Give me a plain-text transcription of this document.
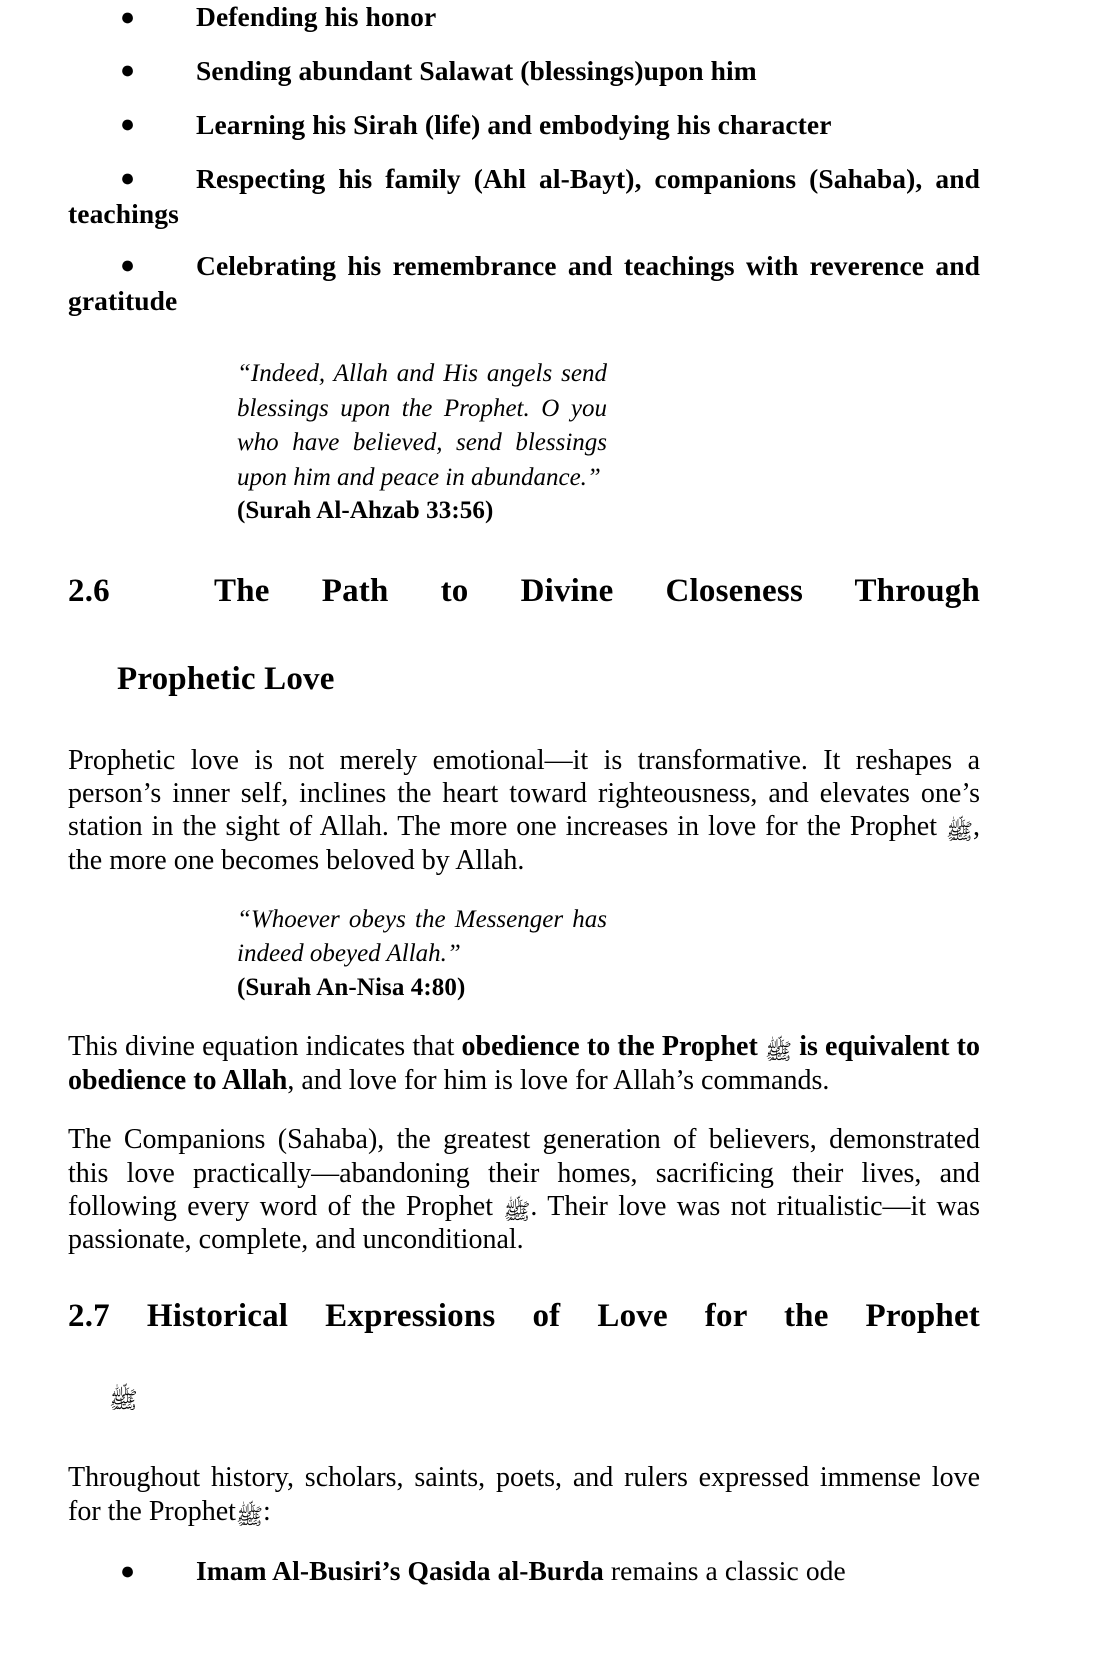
●	Defending his honor
●	Sending abundant Salawat (blessings)upon him
●	Learning his Sirah (life) and embodying his character
●	Respecting his family (Ahl al-Bayt), companions (Sahaba), and teachings
●	Celebrating his remembrance and teachings with reverence and gratitude

“Indeed, Allah and His angels send blessings upon the Prophet. O you who have believed, send blessings upon him and peace in abundance.”

(Surah Al-Ahzab 33:56)

2.6	The Path to Divine Closeness Through
Prophetic Love

Prophetic love is not merely emotional—it is transformative. It reshapes a person’s inner self, inclines the heart toward righteousness, and elevates one’s station in the sight of Allah. The more one increases in love for the Prophet ﷺ, the more one becomes beloved by Allah.

“Whoever obeys the Messenger has indeed obeyed Allah.”

(Surah An-Nisa 4:80)

This divine equation indicates that obedience to the Prophet ﷺ is equivalent to obedience to Allah, and love for him is love for Allah’s commands.

The Companions (Sahaba), the greatest generation of believers, demonstrated this love practically—abandoning their homes, sacrificing their lives, and following every word of the Prophet ﷺ. Their love was not ritualistic—it was passionate, complete, and unconditional.

2.7 Historical Expressions of Love for the Prophet
ﷺ

Throughout history, scholars, saints, poets, and rulers expressed immense love for the Prophetﷺ:

●	Imam Al-Busiri’s Qasida al-Burda remains a classic ode
